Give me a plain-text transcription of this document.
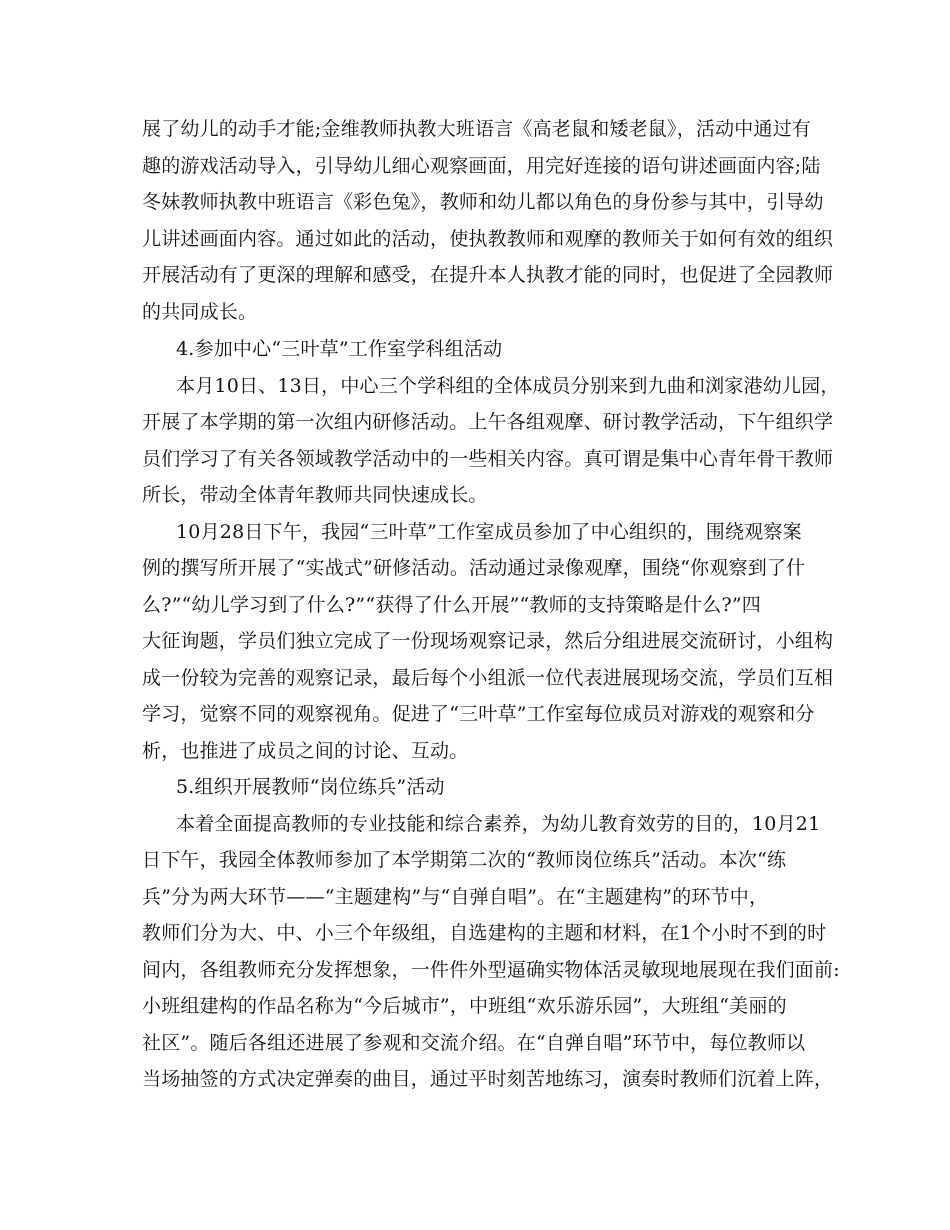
展了幼儿的动手才能;金维教师执教大班语言《高老鼠和矮老鼠》，活动中通过有
趣的游戏活动导入，引导幼儿细心观察画面，用完好连接的语句讲述画面内容;陆
冬妹教师执教中班语言《彩色兔》，教师和幼儿都以角色的身份参与其中，引导幼
儿讲述画面内容。通过如此的活动，使执教教师和观摩的教师关于如何有效的组织
开展活动有了更深的理解和感受，在提升本人执教才能的同时，也促进了全园教师
的共同成长。
4.参加中心“三叶草”工作室学科组活动
本月10日、13日，中心三个学科组的全体成员分别来到九曲和浏家港幼儿园，
开展了本学期的第一次组内研修活动。上午各组观摩、研讨教学活动，下午组织学
员们学习了有关各领域教学活动中的一些相关内容。真可谓是集中心青年骨干教师
所长，带动全体青年教师共同快速成长。
10月28日下午，我园“三叶草”工作室成员参加了中心组织的，围绕观察案
例的撰写所开展了“实战式”研修活动。活动通过录像观摩，围绕“你观察到了什
么?”“幼儿学习到了什么?”“获得了什么开展”“教师的支持策略是什么?”四
大征询题，学员们独立完成了一份现场观察记录，然后分组进展交流研讨，小组构
成一份较为完善的观察记录，最后每个小组派一位代表进展现场交流，学员们互相
学习，觉察不同的观察视角。促进了“三叶草”工作室每位成员对游戏的观察和分
析，也推进了成员之间的讨论、互动。
5.组织开展教师“岗位练兵”活动
本着全面提高教师的专业技能和综合素养，为幼儿教育效劳的目的，10月21
日下午，我园全体教师参加了本学期第二次的“教师岗位练兵”活动。本次“练
兵”分为两大环节——“主题建构”与“自弹自唱”。在“主题建构”的环节中，
教师们分为大、中、小三个年级组，自选建构的主题和材料，在1个小时不到的时
间内，各组教师充分发挥想象，一件件外型逼确实物体活灵敏现地展现在我们面前:
小班组建构的作品名称为“今后城市”，中班组“欢乐游乐园”，大班组“美丽的
社区”。随后各组还进展了参观和交流介绍。在“自弹自唱”环节中，每位教师以
当场抽签的方式决定弹奏的曲目，通过平时刻苦地练习，演奏时教师们沉着上阵，
